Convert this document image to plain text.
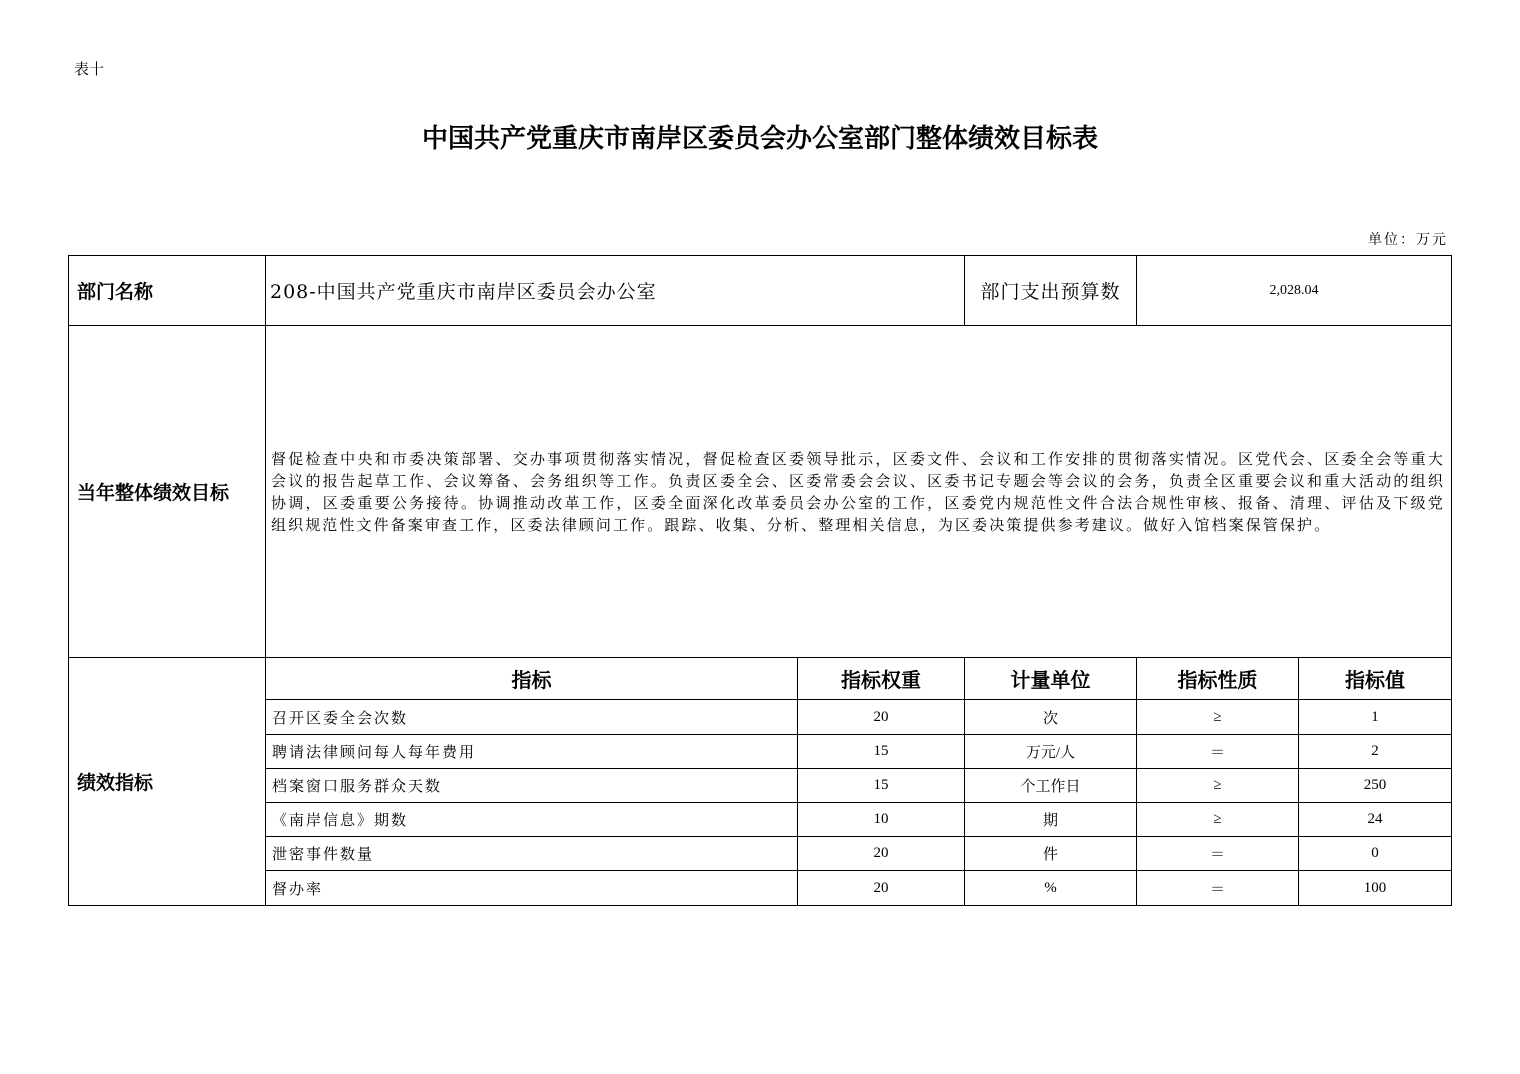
表十
中国共产党重庆市南岸区委员会办公室部门整体绩效目标表
单位：万元
部门名称	208-中国共产党重庆市南岸区委员会办公室	部门支出预算数	2,028.04
当年整体绩效目标
督促检查中央和市委决策部署、交办事项贯彻落实情况，督促检查区委领导批示，区委文件、会议和工作安排的贯彻落实情况。区党代会、区委全会等重大会议的报告起草工作、会议筹备、会务组织等工作。负责区委全会、区委常委会会议、区委书记专题会等会议的会务，负责全区重要会议和重大活动的组织协调，区委重要公务接待。协调推动改革工作，区委全面深化改革委员会办公室的工作，区委党内规范性文件合法合规性审核、报备、清理、评估及下级党组织规范性文件备案审查工作，区委法律顾问工作。跟踪、收集、分析、整理相关信息，为区委决策提供参考建议。做好入馆档案保管保护。
绩效指标
指标	指标权重	计量单位	指标性质	指标值
召开区委全会次数	20	次	≥	1
聘请法律顾问每人每年费用	15	万元/人	＝	2
档案窗口服务群众天数	15	个工作日	≥	250
《南岸信息》期数	10	期	≥	24
泄密事件数量	20	件	＝	0
督办率	20	%	＝	100
